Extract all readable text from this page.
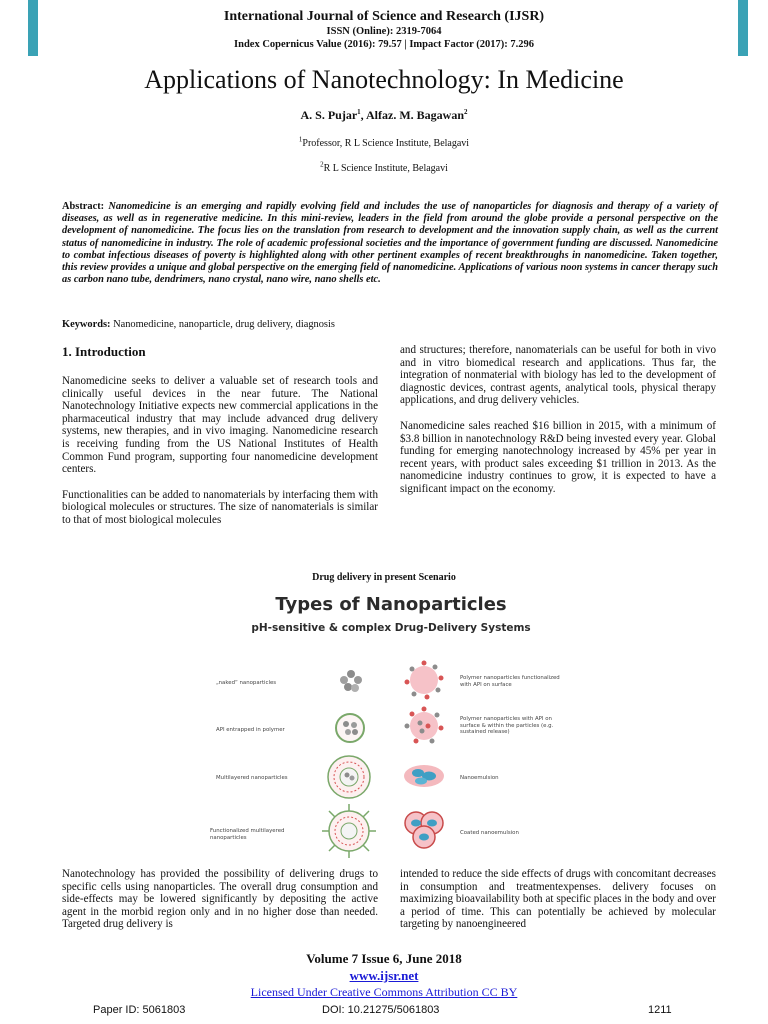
International Journal of Science and Research (IJSR)
ISSN (Online): 2319-7064
Index Copernicus Value (2016): 79.57 | Impact Factor (2017): 7.296
Applications of Nanotechnology: In Medicine
A. S. Pujar$^1$, Alfaz. M. Bagawan$^2$
$^1$Professor, R L Science Institute, Belagavi
$^2$R L Science Institute, Belagavi
Abstract: Nanomedicine is an emerging and rapidly evolving field and includes the use of nanoparticles for diagnosis and therapy of a variety of diseases, as well as in regenerative medicine. In this mini-review, leaders in the field from around the globe provide a personal perspective on the development of nanomedicine. The focus lies on the translation from research to development and the innovation supply chain, as well as the current status of nanomedicine in industry. The role of academic professional societies and the importance of government funding are discussed. Nanomedicine to combat infectious diseases of poverty is highlighted along with other pertinent examples of recent breakthroughs in nanomedicine. Taken together, this review provides a unique and global perspective on the emerging field of nanomedicine. Applications of various noon systems in cancer therapy such as carbon nano tube, dendrimers, nano crystal, nano wire, nano shells etc.
Keywords: Nanomedicine, nanoparticle, drug delivery, diagnosis
1. Introduction

Nanomedicine seeks to deliver a valuable set of research tools and clinically useful devices in the near future. The National Nanotechnology Initiative expects new commercial applications in the pharmaceutical industry that may include advanced drug delivery systems, new therapies, and in vivo imaging. Nanomedicine research is receiving funding from the US National Institutes of Health Common Fund program, supporting four nanomedicine development centers.

Functionalities can be added to nanomaterials by interfacing them with biological molecules or structures. The size of nanomaterials is similar to that of most biological molecules

and structures; therefore, nanomaterials can be useful for both in vivo and in vitro biomedical research and applications. Thus far, the integration of nonmaterial with biology has led to the development of diagnostic devices, contrast agents, analytical tools, physical therapy applications, and drug delivery vehicles.

Nanomedicine sales reached $16 billion in 2015, with a minimum of $3.8 billion in nanotechnology R&D being invested every year. Global funding for emerging nanotechnology increased by 45% per year in recent years, with product sales exceeding $1 trillion in 2013. As the nanomedicine industry continues to grow, it is expected to have a significant impact on the economy.

Drug delivery in present Scenario
Types of Nanoparticles
pH-sensitive & complex Drug-Delivery Systems
„naked“ nanoparticles
API entrapped in polymer
Multilayered nanoparticles
Functionalized multilayered nanoparticles
Polymer nanoparticles functionalized with API on surface
Polymer nanoparticles with API on surface & within the particles (e.g. sustained release)
Nanoemulsion
Coated nanoemulsion

Nanotechnology has provided the possibility of delivering drugs to specific cells using nanoparticles. The overall drug consumption and side-effects may be lowered significantly by depositing the active agent in the morbid region only and in no higher dose than needed. Targeted drug delivery is

intended to reduce the side effects of drugs with concomitant decreases in consumption and treatmentexpenses. delivery focuses on maximizing bioavailability both at specific places in the body and over a period of time. This can potentially be achieved by molecular targeting by nanoengineered

Volume 7 Issue 6, June 2018
www.ijsr.net
Licensed Under Creative Commons Attribution CC BY
Paper ID: 5061803	DOI: 10.21275/5061803	1211
